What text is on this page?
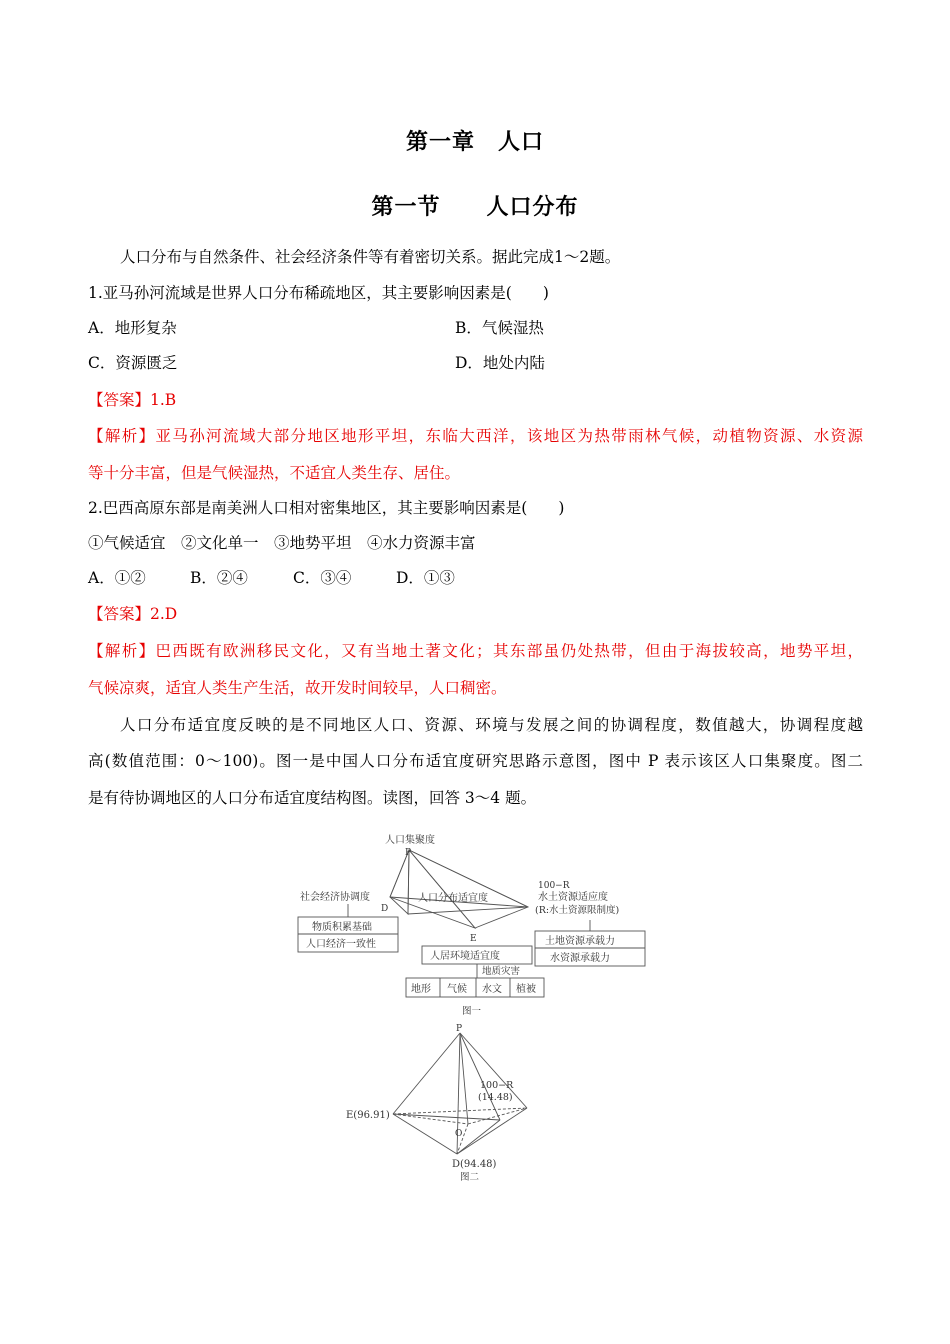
第一章　人口
第一节　　人口分布
人口分布与自然条件、社会经济条件等有着密切关系。据此完成1～2题。
1.亚马孙河流域是世界人口分布稀疏地区，其主要影响因素是(　　)
A．地形复杂	B．气候湿热
C．资源匮乏	D．地处内陆
【答案】1.B
【解析】亚马孙河流域大部分地区地形平坦，东临大西洋，该地区为热带雨林气候，动植物资源、水资源
等十分丰富，但是气候湿热，不适宜人类生存、居住。
2.巴西高原东部是南美洲人口相对密集地区，其主要影响因素是(　　)
①气候适宜　②文化单一　③地势平坦　④水力资源丰富
A．①②	B．②④	C．③④	D．①③
【答案】2.D
【解析】巴西既有欧洲移民文化，又有当地土著文化；其东部虽仍处热带，但由于海拔较高，地势平坦，
气候凉爽，适宜人类生产生活，故开发时间较早，人口稠密。
人口分布适宜度反映的是不同地区人口、资源、环境与发展之间的协调程度，数值越大，协调程度越
高(数值范围：0～100)。图一是中国人口分布适宜度研究思路示意图，图中 P 表示该区人口集聚度。图二
是有待协调地区的人口分布适宜度结构图。读图，回答 3～4 题。
人口集聚度
P
D
E
人口分布适宜度
社会经济协调度
物质积累基础
人口经济一致性
100−R
水土资源适应度
(R:水土资源限制度)
土地资源承载力
水资源承载力
人居环境适宜度
地质灾害
地形 气候 水文 植被
图一
P
E(96.91)
O
D(94.48)
100−R
(14.48)
图二
